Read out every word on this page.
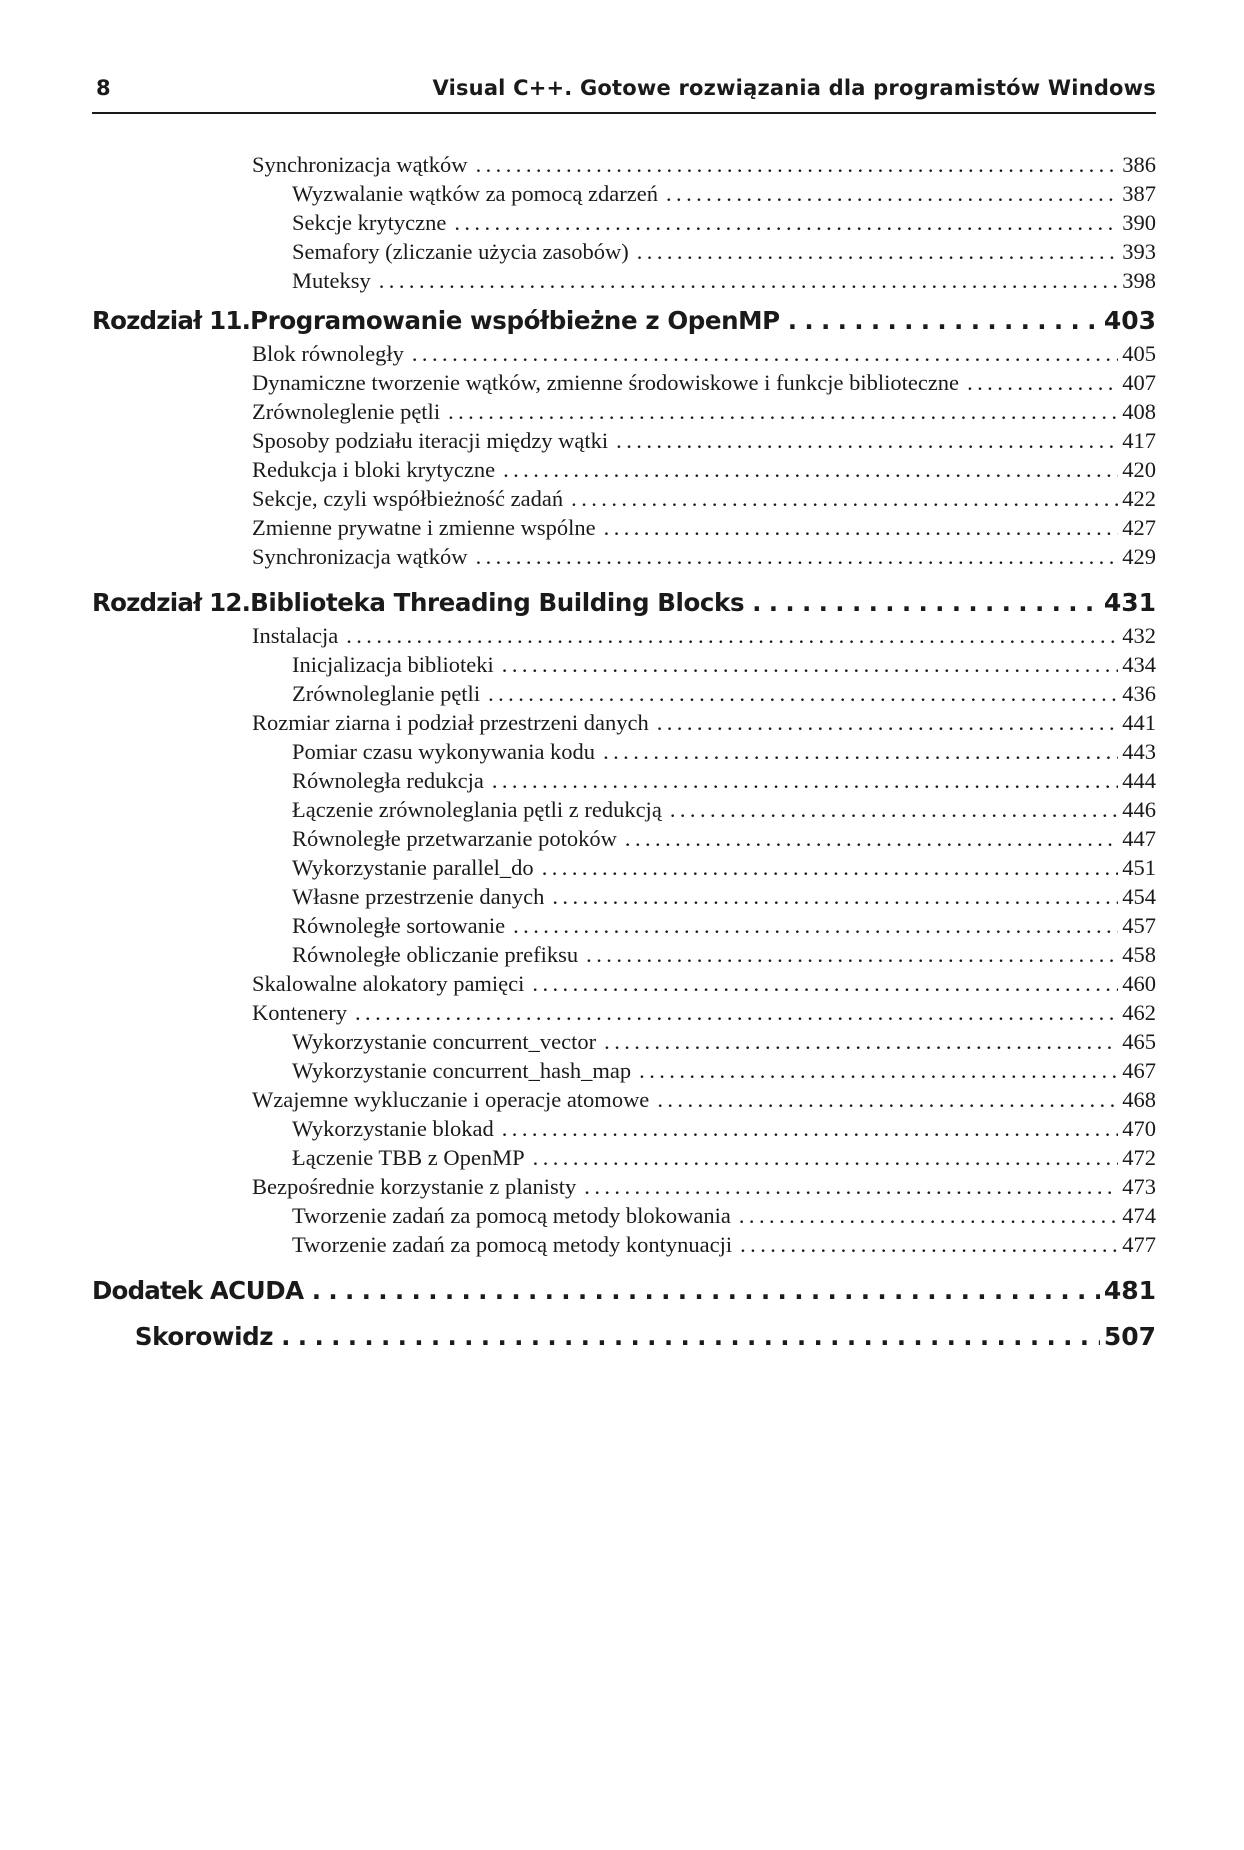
8	Visual C++. Gotowe rozwiązania dla programistów Windows
Synchronizacja wątków . . .	386
Wyzwalanie wątków za pomocą zdarzeń . . .	387
Sekcje krytyczne . . .	390
Semafory (zliczanie użycia zasobów) . . .	393
Muteksy . . .	398
Rozdział 11. Programowanie współbieżne z OpenMP . . .	403
Blok równoległy . . .	405
Dynamiczne tworzenie wątków, zmienne środowiskowe i funkcje biblioteczne . . .	407
Zrównoleglenie pętli . . .	408
Sposoby podziału iteracji między wątki . . .	417
Redukcja i bloki krytyczne . . .	420
Sekcje, czyli współbieżność zadań . . .	422
Zmienne prywatne i zmienne wspólne . . .	427
Synchronizacja wątków . . .	429
Rozdział 12. Biblioteka Threading Building Blocks . . .	431
Instalacja . . .	432
Inicjalizacja biblioteki . . .	434
Zrównoleglanie pętli . . .	436
Rozmiar ziarna i podział przestrzeni danych . . .	441
Pomiar czasu wykonywania kodu . . .	443
Równoległa redukcja . . .	444
Łączenie zrównoleglania pętli z redukcją . . .	446
Równoległe przetwarzanie potoków . . .	447
Wykorzystanie parallel_do . . .	451
Własne przestrzenie danych . . .	454
Równoległe sortowanie . . .	457
Równoległe obliczanie prefiksu . . .	458
Skalowalne alokatory pamięci . . .	460
Kontenery . . .	462
Wykorzystanie concurrent_vector . . .	465
Wykorzystanie concurrent_hash_map . . .	467
Wzajemne wykluczanie i operacje atomowe . . .	468
Wykorzystanie blokad . . .	470
Łączenie TBB z OpenMP . . .	472
Bezpośrednie korzystanie z planisty . . .	473
Tworzenie zadań za pomocą metody blokowania . . .	474
Tworzenie zadań za pomocą metody kontynuacji . . .	477
Dodatek A CUDA . . .	481
Skorowidz . . .	507
